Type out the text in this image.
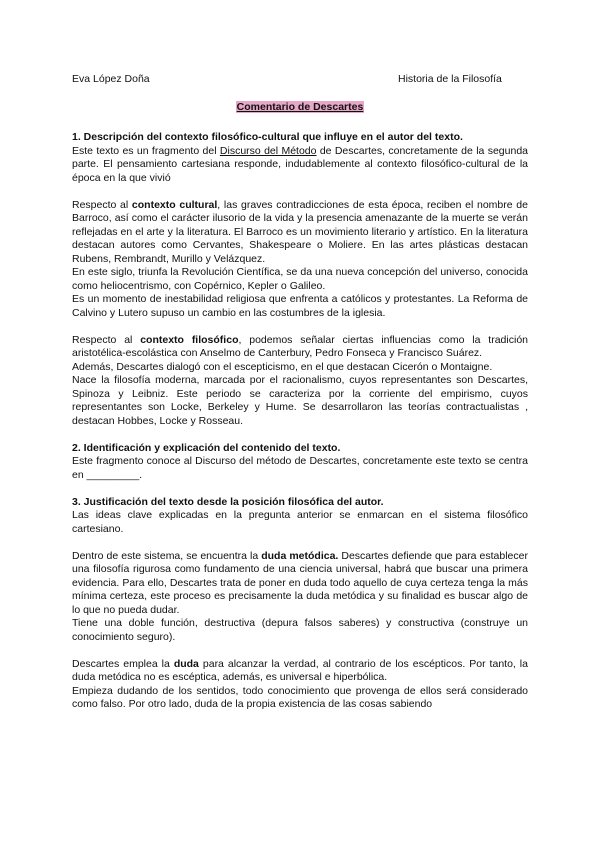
Eva López Doña	Historia de la Filosofía
Comentario de Descartes

1. Descripción del contexto filosófico-cultural que influye en el autor del texto.

Este texto es un fragmento del Discurso del Método de Descartes, concretamente de la segunda parte. El pensamiento cartesiana responde, indudablemente al contexto filosófico-cultural de la época en la que vivió

Respecto al contexto cultural, las graves contradicciones de esta época, reciben el nombre de Barroco, así como el carácter ilusorio de la vida y la presencia amenazante de la muerte se verán reflejadas en el arte y la literatura. El Barroco es un movimiento literario y artístico. En la literatura destacan autores como Cervantes, Shakespeare o Moliere. En las artes plásticas destacan Rubens, Rembrandt, Murillo y Velázquez.

En este siglo, triunfa la Revolución Científica, se da una nueva concepción del universo, conocida como heliocentrismo, con Copérnico, Kepler o Galileo.

Es un momento de inestabilidad religiosa que enfrenta a católicos y protestantes. La Reforma de Calvino y Lutero supuso un cambio en las costumbres de la iglesia.

Respecto al contexto filosófico, podemos señalar ciertas influencias como la tradición aristotélica-escolástica con Anselmo de Canterbury, Pedro Fonseca y Francisco Suárez.

Además, Descartes dialogó con el escepticismo, en el que destacan Cicerón o Montaigne.

Nace la filosofía moderna, marcada por el racionalismo, cuyos representantes son Descartes, Spinoza y Leibniz. Este periodo se caracteriza por la corriente del empirismo, cuyos representantes son Locke, Berkeley y Hume. Se desarrollaron las teorías contractualistas , destacan Hobbes, Locke y Rosseau.

2. Identificación y explicación del contenido del texto.

Este fragmento conoce al Discurso del método de Descartes, concretamente este texto se centra en _________.

3. Justificación del texto desde la posición filosófica del autor.

Las ideas clave explicadas en la pregunta anterior se enmarcan en el sistema filosófico cartesiano.

Dentro de este sistema, se encuentra la duda metódica. Descartes defiende que para establecer una filosofía rigurosa como fundamento de una ciencia universal, habrá que buscar una primera evidencia. Para ello, Descartes trata de poner en duda todo aquello de cuya certeza tenga la más mínima certeza, este proceso es precisamente la duda metódica y su finalidad es buscar algo de lo que no pueda dudar.

Tiene una doble función, destructiva (depura falsos saberes) y constructiva (construye un conocimiento seguro).

Descartes emplea la duda para alcanzar la verdad, al contrario de los escépticos. Por tanto, la duda metódica no es escéptica, además, es universal e hiperbólica.

Empieza dudando de los sentidos, todo conocimiento que provenga de ellos será considerado como falso. Por otro lado, duda de la propia existencia de las cosas sabiendo
